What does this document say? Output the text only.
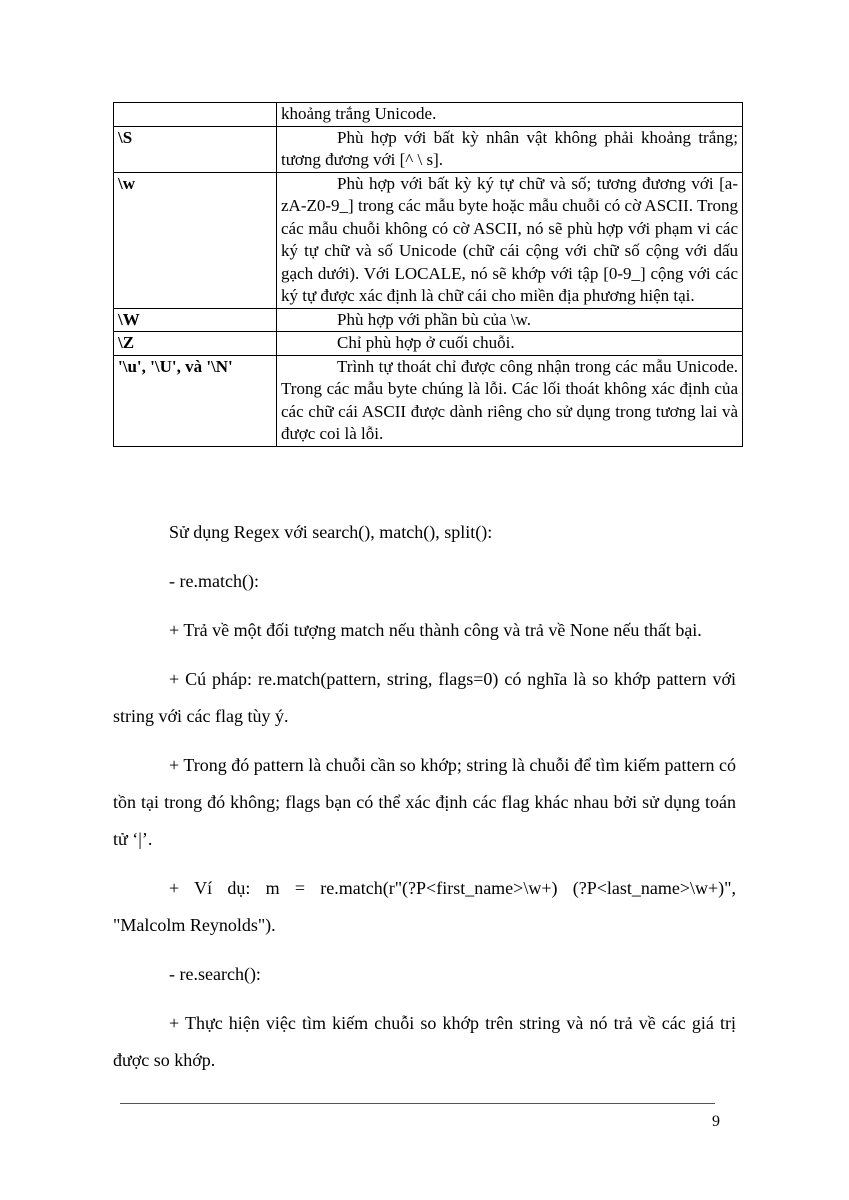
	khoảng trắng Unicode.
\S	Phù hợp với bất kỳ nhân vật không phải khoảng trắng; tương đương với [^ \ s].
\w	Phù hợp với bất kỳ ký tự chữ và số; tương đương với [a-zA-Z0-9_] trong các mẫu byte hoặc mẫu chuỗi có cờ ASCII. Trong các mẫu chuỗi không có cờ ASCII, nó sẽ phù hợp với phạm vi các ký tự chữ và số Unicode (chữ cái cộng với chữ số cộng với dấu gạch dưới). Với LOCALE, nó sẽ khớp với tập [0-9_] cộng với các ký tự được xác định là chữ cái cho miền địa phương hiện tại.
\W	Phù hợp với phần bù của \w.
\Z	Chỉ phù hợp ở cuối chuỗi.
'\u', '\U', và '\N'	Trình tự thoát chỉ được công nhận trong các mẫu Unicode. Trong các mẫu byte chúng là lỗi. Các lối thoát không xác định của các chữ cái ASCII được dành riêng cho sử dụng trong tương lai và được coi là lỗi.

Sử dụng Regex với search(), match(), split():

- re.match():

+ Trả về một đối tượng match nếu thành công và trả về None nếu thất bại.

+ Cú pháp: re.match(pattern, string, flags=0) có nghĩa là so khớp pattern với string với các flag tùy ý.

+ Trong đó pattern là chuỗi cần so khớp; string là chuỗi để tìm kiếm pattern có tồn tại trong đó không; flags bạn có thể xác định các flag khác nhau bởi sử dụng toán tử ‘|’.

+ Ví dụ: m = re.match(r"(?P<first_name>\w+) (?P<last_name>\w+)", "Malcolm Reynolds").

- re.search():

+ Thực hiện việc tìm kiếm chuỗi so khớp trên string và nó trả về các giá trị được so khớp.

9
